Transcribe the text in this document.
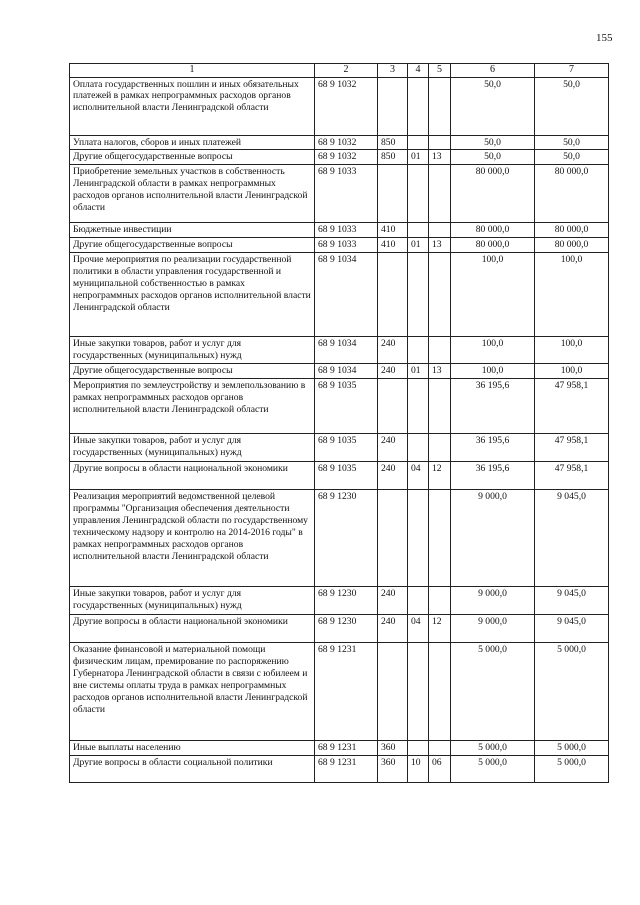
155
1	2	3	4	5	6	7
Оплата государственных пошлин и иных обязательных платежей в рамках непрограммных расходов органов исполнительной власти Ленинградской области	68 9 1032				50,0	50,0
Уплата налогов, сборов и иных платежей	68 9 1032	850			50,0	50,0
Другие общегосударственные вопросы	68 9 1032	850	01	13	50,0	50,0
Приобретение земельных участков в собственность Ленинградской области в рамках непрограммных расходов органов исполнительной власти Ленинградской области	68 9 1033				80 000,0	80 000,0
Бюджетные инвестиции	68 9 1033	410			80 000,0	80 000,0
Другие общегосударственные вопросы	68 9 1033	410	01	13	80 000,0	80 000,0
Прочие мероприятия по реализации государственной политики в области управления государственной и муниципальной собственностью в рамках непрограммных расходов органов исполнительной власти Ленинградской области	68 9 1034				100,0	100,0
Иные закупки товаров, работ и услуг для государственных (муниципальных) нужд	68 9 1034	240			100,0	100,0
Другие общегосударственные вопросы	68 9 1034	240	01	13	100,0	100,0
Мероприятия по землеустройству и землепользованию в рамках непрограммных расходов органов исполнительной власти Ленинградской области	68 9 1035				36 195,6	47 958,1
Иные закупки товаров, работ и услуг для государственных (муниципальных) нужд	68 9 1035	240			36 195,6	47 958,1
Другие вопросы в области национальной экономики	68 9 1035	240	04	12	36 195,6	47 958,1
Реализация мероприятий ведомственной целевой программы "Организация обеспечения деятельности управления Ленинградской области по государственному техническому надзору и контролю на 2014-2016 годы" в рамках непрограммных расходов органов исполнительной власти Ленинградской области	68 9 1230				9 000,0	9 045,0
Иные закупки товаров, работ и услуг для государственных (муниципальных) нужд	68 9 1230	240			9 000,0	9 045,0
Другие вопросы в области национальной экономики	68 9 1230	240	04	12	9 000,0	9 045,0
Оказание финансовой и материальной помощи физическим лицам, премирование по распоряжению Губернатора Ленинградской области в связи с юбилеем и вне системы оплаты труда в рамках непрограммных расходов органов исполнительной власти Ленинградской области	68 9 1231				5 000,0	5 000,0
Иные выплаты населению	68 9 1231	360			5 000,0	5 000,0
Другие вопросы в области социальной политики	68 9 1231	360	10	06	5 000,0	5 000,0
